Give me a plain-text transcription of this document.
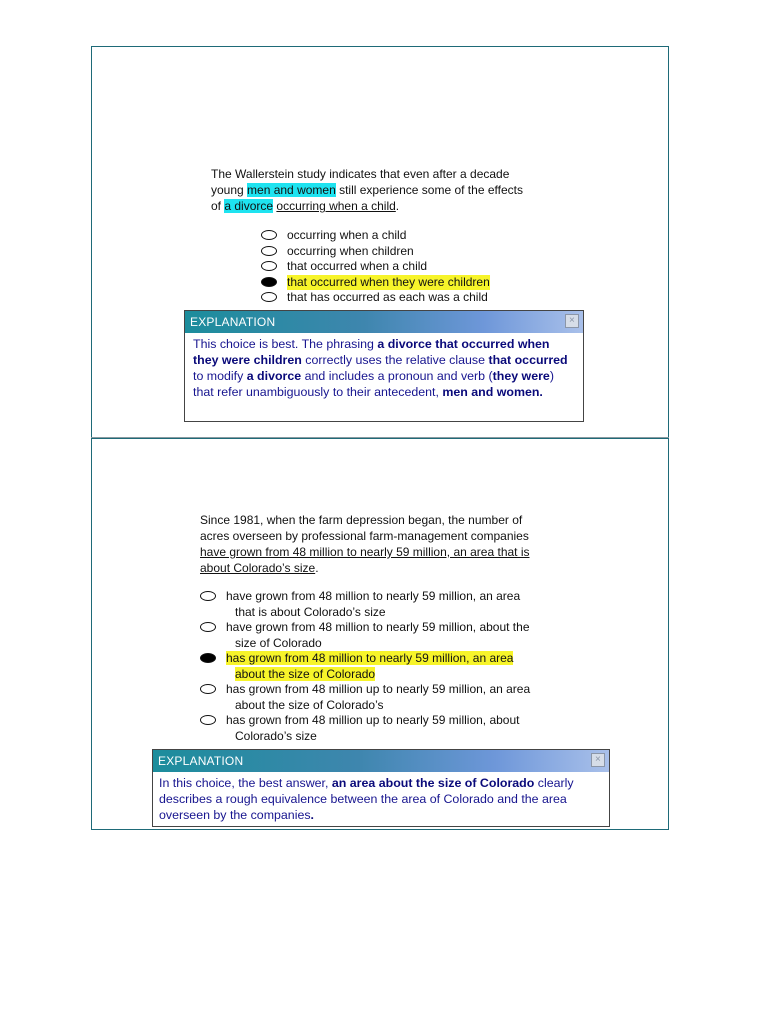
The Wallerstein study indicates that even after a decade
young men and women still experience some of the effects
of a divorce occurring when a child.
occurring when a child
occurring when children
that occurred when a child
that occurred when they were children
that has occurred as each was a child
EXPLANATION	×
This choice is best. The phrasing a divorce that occurred when they were children correctly uses the relative clause that occurred to modify a divorce and includes a pronoun and verb (they were) that refer unambiguously to their antecedent, men and women.
Since 1981, when the farm depression began, the number of
acres overseen by professional farm-management companies
have grown from 48 million to nearly 59 million, an area that is
about Colorado’s size.
have grown from 48 million to nearly 59 million, an area
that is about Colorado’s size
have grown from 48 million to nearly 59 million, about the
size of Colorado
has grown from 48 million to nearly 59 million, an area
about the size of Colorado
has grown from 48 million up to nearly 59 million, an area
about the size of Colorado’s
has grown from 48 million up to nearly 59 million, about
Colorado’s size
EXPLANATION	×
In this choice, the best answer, an area about the size of Colorado clearly describes a rough equivalence between the area of Colorado and the area overseen by the companies.
